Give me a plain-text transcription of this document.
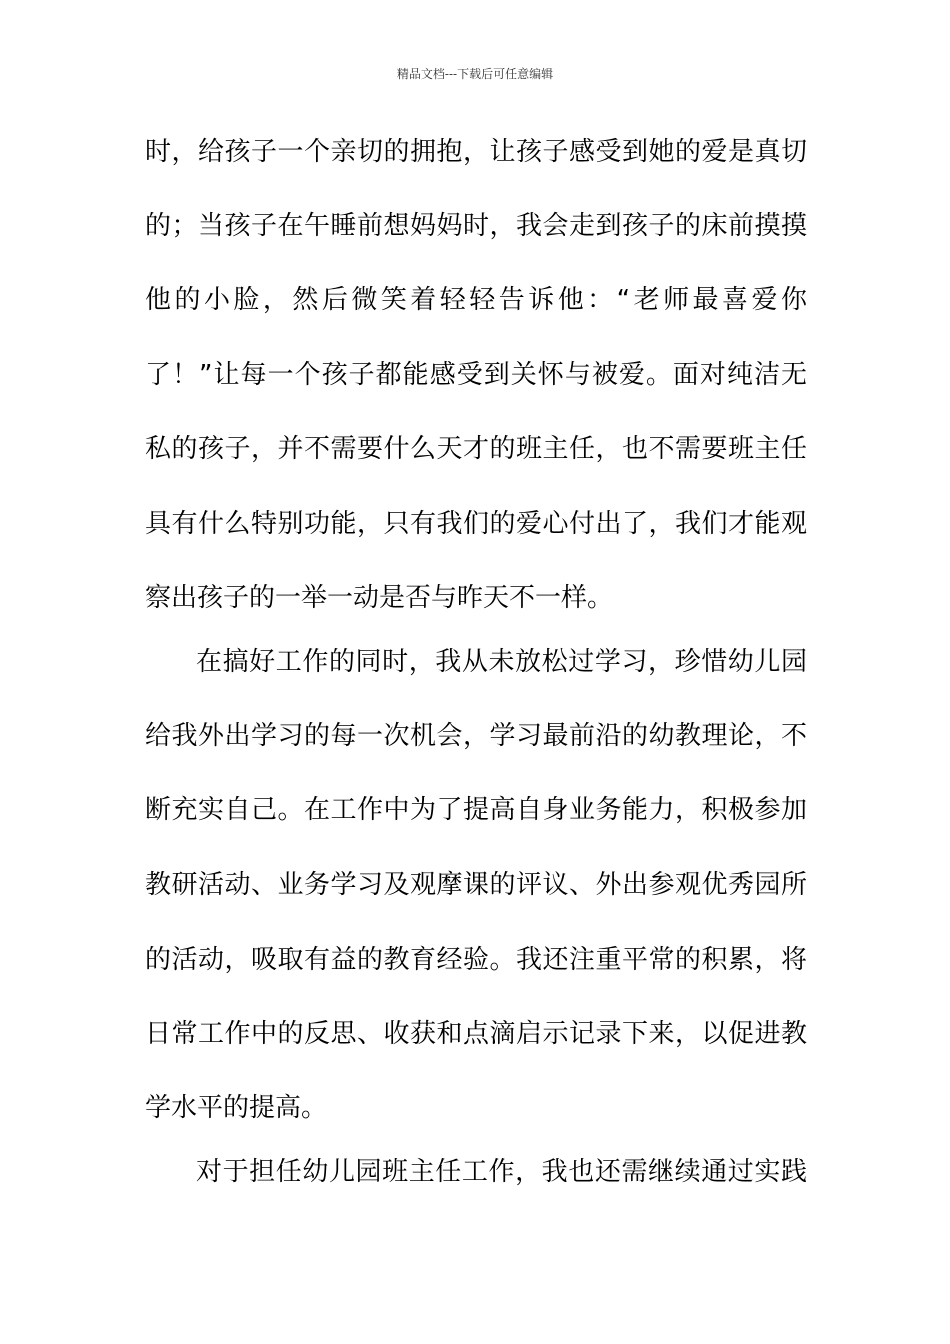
精品文档---下载后可任意编辑
时，给孩子一个亲切的拥抱，让孩子感受到她的爱是真切
的；当孩子在午睡前想妈妈时，我会走到孩子的床前摸摸
他的小脸，然后微笑着轻轻告诉他：“老师最喜爱你
了！”让每一个孩子都能感受到关怀与被爱。面对纯洁无
私的孩子，并不需要什么天才的班主任，也不需要班主任
具有什么特别功能，只有我们的爱心付出了，我们才能观
察出孩子的一举一动是否与昨天不一样。
在搞好工作的同时，我从未放松过学习，珍惜幼儿园
给我外出学习的每一次机会，学习最前沿的幼教理论，不
断充实自己。在工作中为了提高自身业务能力，积极参加
教研活动、业务学习及观摩课的评议、外出参观优秀园所
的活动，吸取有益的教育经验。我还注重平常的积累，将
日常工作中的反思、收获和点滴启示记录下来，以促进教
学水平的提高。
对于担任幼儿园班主任工作，我也还需继续通过实践
